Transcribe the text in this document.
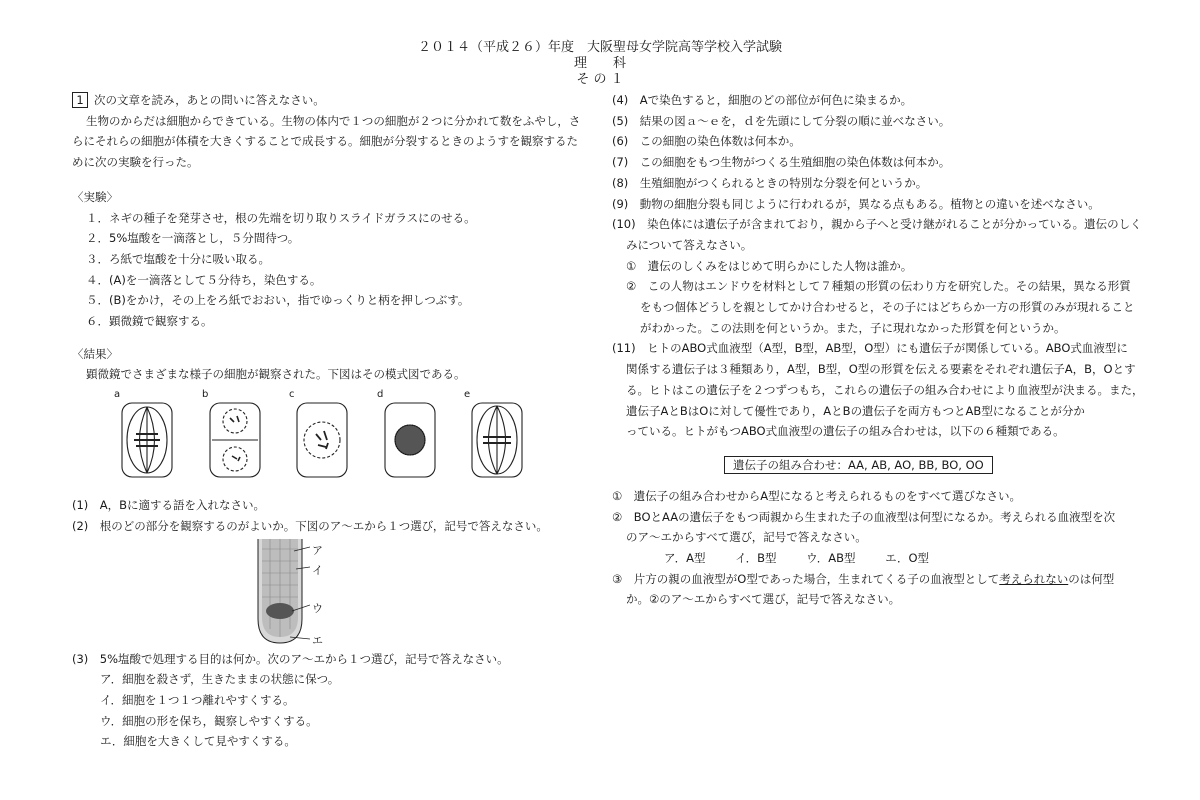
２０１４（平成２６）年度　大阪聖母女学院高等学校入学試験
理　　科
そ の １

1 次の文章を読み，あとの問いに答えなさい。

生物のからだは細胞からできている。生物の体内で１つの細胞が２つに分かれて数をふやし，さ

らにそれらの細胞が体積を大きくすることで成長する。細胞が分裂するときのようすを観察するた

めに次の実験を行った。

〈実験〉

１．ネギの種子を発芽させ，根の先端を切り取りスライドガラスにのせる。

２．5%塩酸を一滴落とし，５分間待つ。

３．ろ紙で塩酸を十分に吸い取る。

４．(A)を一滴落として５分待ち，染色する。

５．(B)をかけ，その上をろ紙でおおい，指でゆっくりと柄を押しつぶす。

６．顕微鏡で観察する。

〈結果〉

顕微鏡でさまざまな様子の細胞が観察された。下図はその模式図である。

a	b	c	d	e

(1)　A，Bに適する語を入れなさい。

(2)　根のどの部分を観察するのがよいか。下図のア～エから１つ選び，記号で答えなさい。

ア
イ
ウ
エ

(3)　5%塩酸で処理する目的は何か。次のア～エから１つ選び，記号で答えなさい。

ア．細胞を殺さず，生きたままの状態に保つ。

イ．細胞を１つ１つ離れやすくする。

ウ．細胞の形を保ち，観察しやすくする。

エ．細胞を大きくして見やすくする。

(4)　Aで染色すると，細胞のどの部位が何色に染まるか。

(5)　結果の図ａ～ｅを，ｄを先頭にして分裂の順に並べなさい。

(6)　この細胞の染色体数は何本か。

(7)　この細胞をもつ生物がつくる生殖細胞の染色体数は何本か。

(8)　生殖細胞がつくられるときの特別な分裂を何というか。

(9)　動物の細胞分裂も同じように行われるが，異なる点もある。植物との違いを述べなさい。

(10)　染色体には遺伝子が含まれており，親から子へと受け継がれることが分かっている。遺伝のしく

みについて答えなさい。

①　遺伝のしくみをはじめて明らかにした人物は誰か。

②　この人物はエンドウを材料として７種類の形質の伝わり方を研究した。その結果，異なる形質

をもつ個体どうしを親としてかけ合わせると，その子にはどちらか一方の形質のみが現れること

がわかった。この法則を何というか。また，子に現れなかった形質を何というか。

(11)　ヒトのABO式血液型（A型，B型，AB型，O型）にも遺伝子が関係している。ABO式血液型に

関係する遺伝子は３種類あり，A型，B型，O型の形質を伝える要素をそれぞれ遺伝子A，B，Oとす

る。ヒトはこの遺伝子を２つずつもち，これらの遺伝子の組み合わせにより血液型が決まる。また，

遺伝子AとBはOに対して優性であり，AとBの遺伝子を両方もつとAB型になることが分か

っている。ヒトがもつABO式血液型の遺伝子の組み合わせは，以下の６種類である。

遺伝子の組み合わせ：AA, AB, AO, BB, BO, OO

①　遺伝子の組み合わせからA型になると考えられるものをすべて選びなさい。

②　BOとAAの遺伝子をもつ両親から生まれた子の血液型は何型になるか。考えられる血液型を次

のア～エからすべて選び，記号で答えなさい。

ア．A型	イ．B型	ウ．AB型	エ．O型

③　片方の親の血液型がO型であった場合，生まれてくる子の血液型として考えられないのは何型

か。②のア～エからすべて選び，記号で答えなさい。
